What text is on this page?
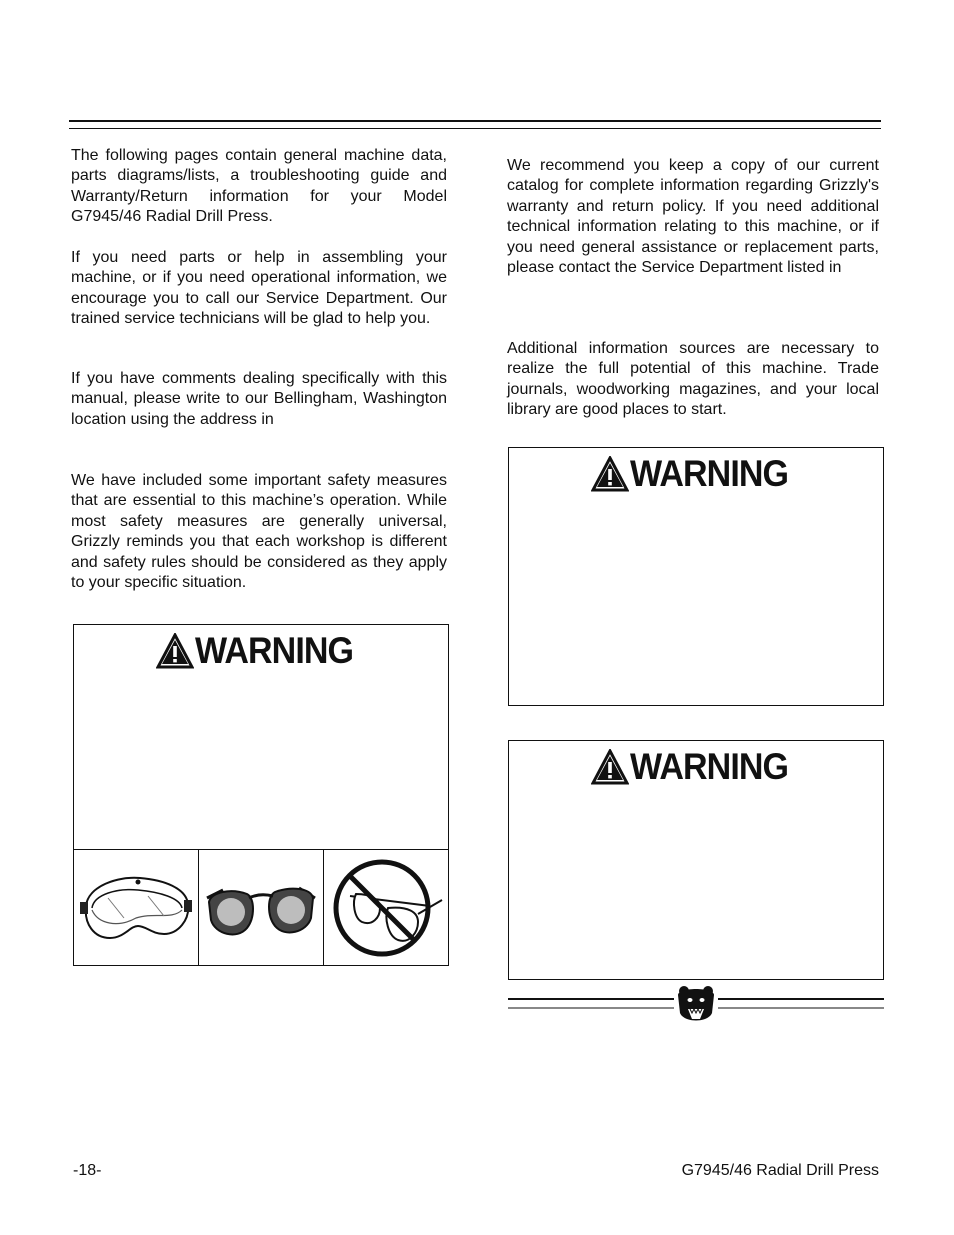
The following pages contain general machine data, parts diagrams/lists, a troubleshooting guide and Warranty/Return information for your Model G7945/46 Radial Drill Press.

If you need parts or help in assembling your machine, or if you need operational information, we encourage you to call our Service Department. Our trained service technicians will be glad to help you.

If you have comments dealing specifically with this manual, please write to our Bellingham, Washington location using the address in

We have included some important safety measures that are essential to this machine’s operation. While most safety measures are generally universal, Grizzly reminds you that each workshop is different and safety rules should be considered as they apply to your specific situation.

WARNING

We recommend you keep a copy of our current catalog for complete information regarding Grizzly's warranty and return policy. If you need additional technical information relating to this machine, or if you need general assistance or replacement parts, please contact the Service Department listed in

Additional information sources are necessary to realize the full potential of this machine. Trade journals, woodworking magazines, and your local library are good places to start.

WARNING
WARNING
-18-	G7945/46 Radial Drill Press
